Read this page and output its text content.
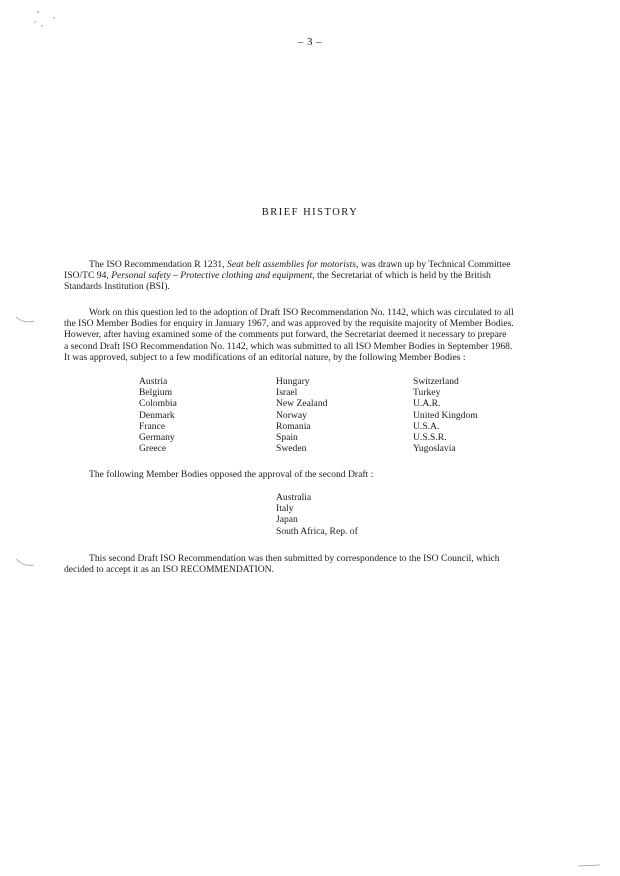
– 3 –
BRIEF HISTORY

The ISO Recommendation R 1231, Seat belt assemblies for motorists, was drawn up by Technical Committee
ISO/TC 94, Personal safety – Protective clothing and equipment, the Secretariat of which is held by the British
Standards Institution (BSI).

Work on this question led to the adoption of Draft ISO Recommendation No. 1142, which was circulated to all
the ISO Member Bodies for enquiry in January 1967, and was approved by the requisite majority of Member Bodies.
However, after having examined some of the comments put forward, the Secretariat deemed it necessary to prepare
a second Draft ISO Recommendation No. 1142, which was submitted to all ISO Member Bodies in September 1968.
It was approved, subject to a few modifications of an editorial nature, by the following Member Bodies :

Austria
Belgium
Colombia
Denmark
France
Germany
Greece
Hungary
Israel
New Zealand
Norway
Romania
Spain
Sweden
Switzerland
Turkey
U.A.R.
United Kingdom
U.S.A.
U.S.S.R.
Yugoslavia

The following Member Bodies opposed the approval of the second Draft :

Australia
Italy
Japan
South Africa, Rep. of

This second Draft ISO Recommendation was then submitted by correspondence to the ISO Council, which
decided to accept it as an ISO RECOMMENDATION.
